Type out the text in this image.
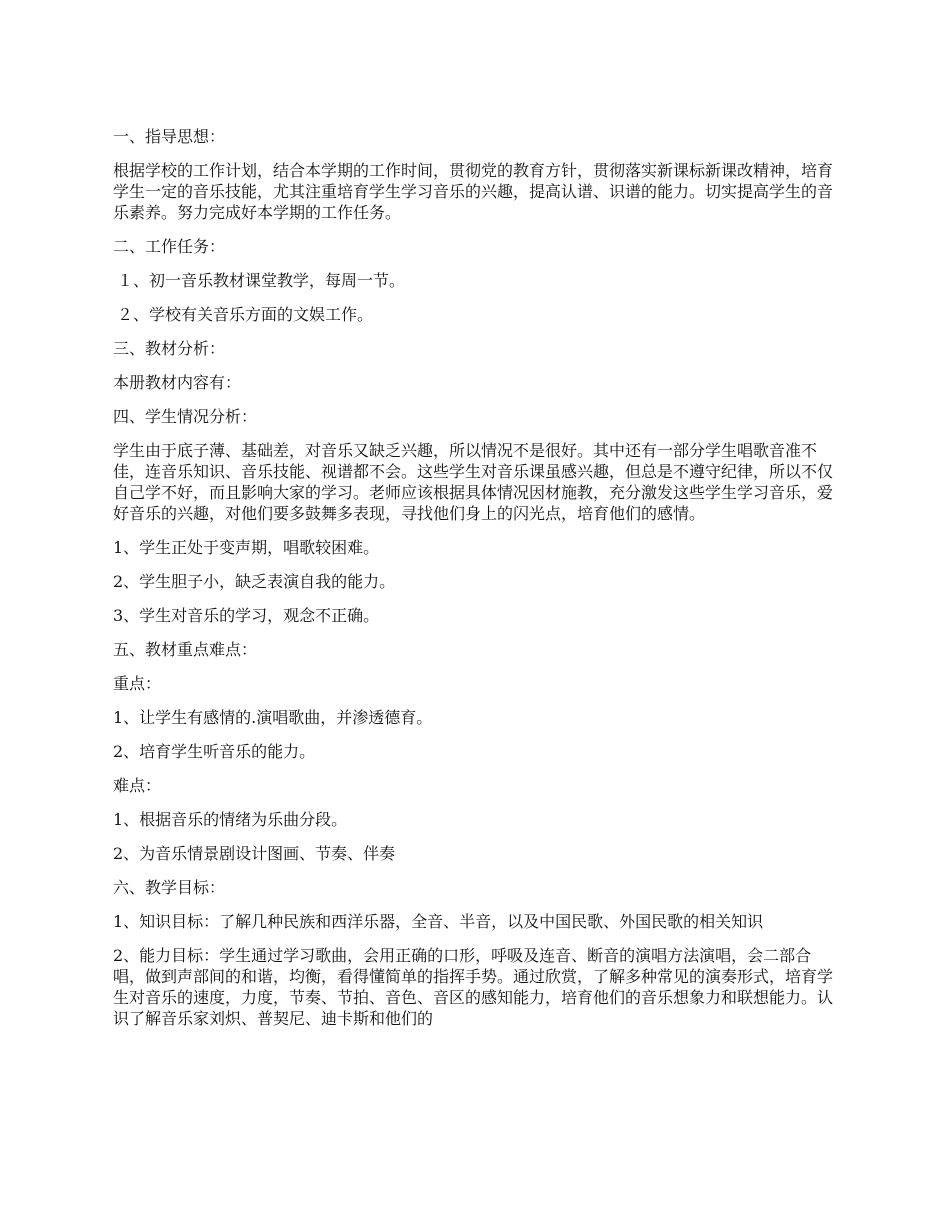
一、指导思想：

根据学校的工作计划，结合本学期的工作时间，贯彻党的教育方针，贯彻落实新课标新课改精神，培育学生一定的音乐技能，尤其注重培育学生学习音乐的兴趣，提高认谱、识谱的能力。切实提高学生的音乐素养。努力完成好本学期的工作任务。

二、工作任务：

１、初一音乐教材课堂教学，每周一节。

２、学校有关音乐方面的文娱工作。

三、教材分析：

本册教材内容有：

四、学生情况分析：

学生由于底子薄、基础差，对音乐又缺乏兴趣，所以情况不是很好。其中还有一部分学生唱歌音准不佳，连音乐知识、音乐技能、视谱都不会。这些学生对音乐课虽感兴趣，但总是不遵守纪律，所以不仅自己学不好，而且影响大家的学习。老师应该根据具体情况因材施教，充分激发这些学生学习音乐，爱好音乐的兴趣，对他们要多鼓舞多表现，寻找他们身上的闪光点，培育他们的感情。

1、学生正处于变声期，唱歌较困难。

2、学生胆子小，缺乏表演自我的能力。

3、学生对音乐的学习，观念不正确。

五、教材重点难点：

重点：

1、让学生有感情的.演唱歌曲，并渗透德育。

2、培育学生听音乐的能力。

难点：

1、根据音乐的情绪为乐曲分段。

2、为音乐情景剧设计图画、节奏、伴奏

六、教学目标：

1、知识目标：了解几种民族和西洋乐器，全音、半音，以及中国民歌、外国民歌的相关知识

2、能力目标：学生通过学习歌曲，会用正确的口形，呼吸及连音、断音的演唱方法演唱，会二部合唱，做到声部间的和谐，均衡，看得懂简单的指挥手势。通过欣赏，了解多种常见的演奏形式，培育学生对音乐的速度，力度，节奏、节拍、音色、音区的感知能力，培育他们的音乐想象力和联想能力。认识了解音乐家刘炽、普契尼、迪卡斯和他们的
